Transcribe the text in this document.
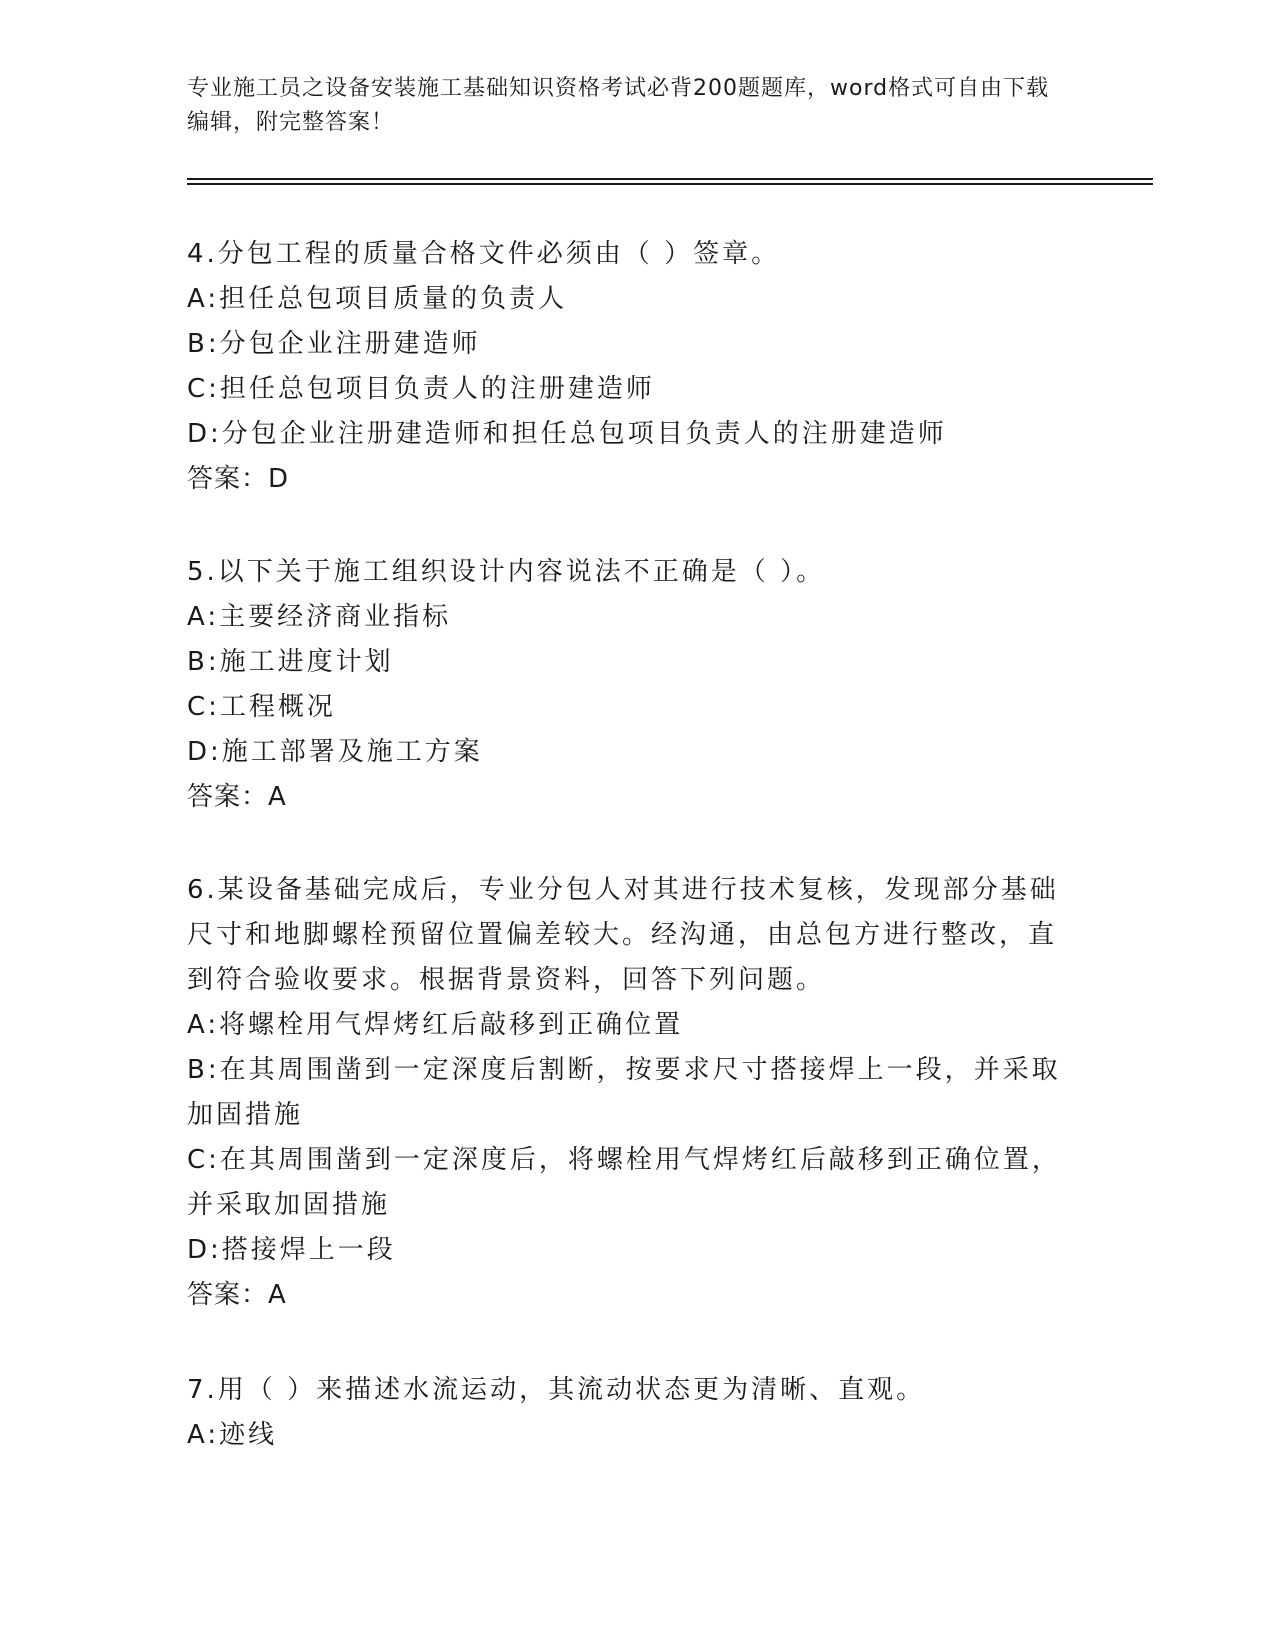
专业施工员之设备安装施工基础知识资格考试必背200题题库，word格式可自由下载编辑，附完整答案！
4.分包工程的质量合格文件必须由（ ）签章。
A:担任总包项目质量的负责人
B:分包企业注册建造师
C:担任总包项目负责人的注册建造师
D:分包企业注册建造师和担任总包项目负责人的注册建造师
答案：D
5.以下关于施工组织设计内容说法不正确是（ ）。
A:主要经济商业指标
B:施工进度计划
C:工程概况
D:施工部署及施工方案
答案：A
6.某设备基础完成后，专业分包人对其进行技术复核，发现部分基础尺寸和地脚螺栓预留位置偏差较大。经沟通，由总包方进行整改，直到符合验收要求。根据背景资料，回答下列问题。
A:将螺栓用气焊烤红后敲移到正确位置
B:在其周围凿到一定深度后割断，按要求尺寸搭接焊上一段，并采取加固措施
C:在其周围凿到一定深度后，将螺栓用气焊烤红后敲移到正确位置，并采取加固措施
D:搭接焊上一段
答案：A
7.用（ ）来描述水流运动，其流动状态更为清晰、直观。
A:迹线
